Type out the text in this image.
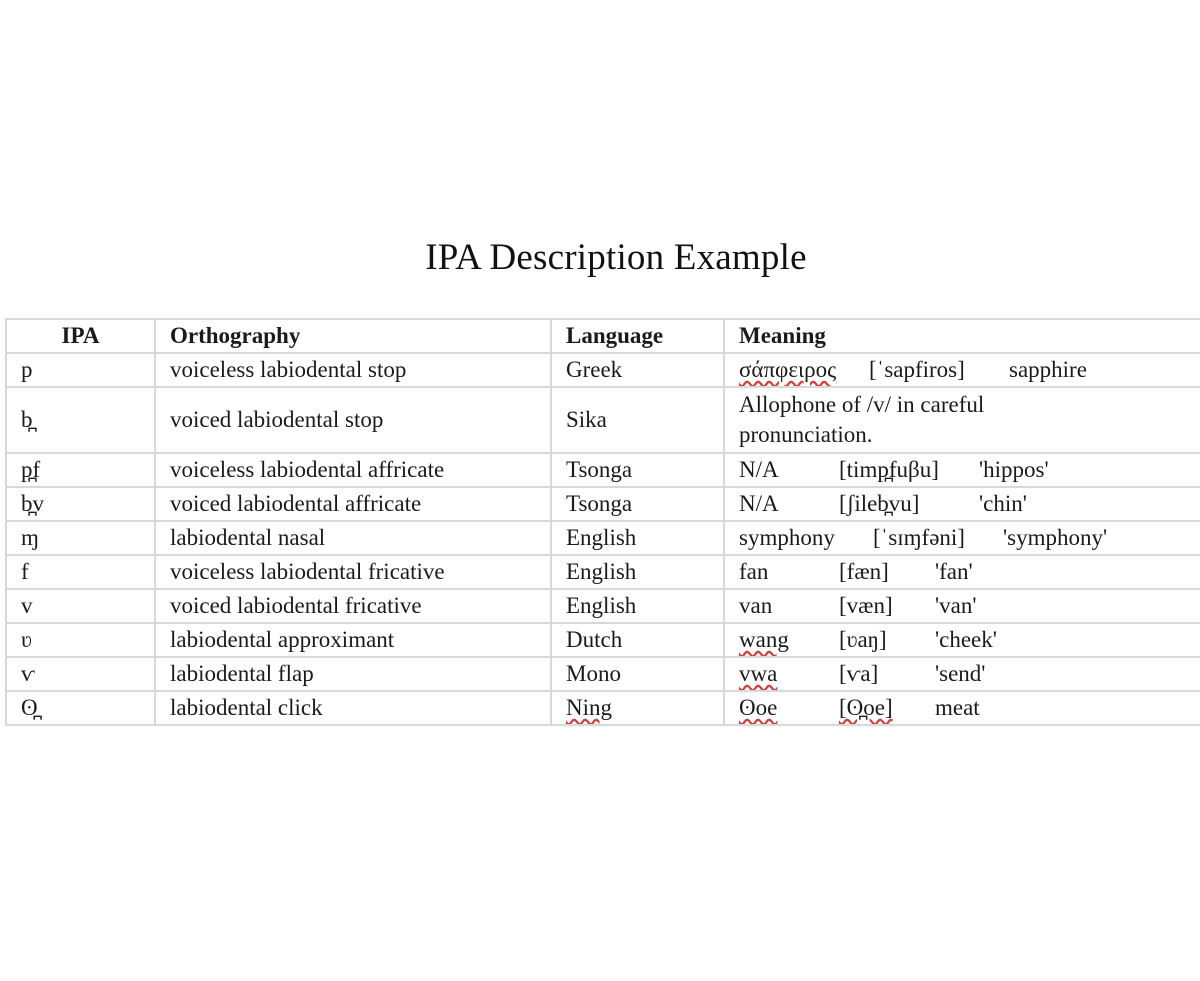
IPA Description Example
IPA	Orthography	Language	Meaning
p	voiceless labiodental stop	Greek	σάπφειρος [ˈsapfiros] sapphire
b̪	voiced labiodental stop	Sika	Allophone of /v/ in careful pronunciation.
p̪f	voiceless labiodental affricate	Tsonga	N/A [timp̪fuβu] 'hippos'
b̪v	voiced labiodental affricate	Tsonga	N/A [ʃileb̪vu] 'chin'
ɱ	labiodental nasal	English	symphony [ˈsɪɱfəni] 'symphony'
f	voiceless labiodental fricative	English	fan [fæn] 'fan'
v	voiced labiodental fricative	English	van [væn] 'van'
ʋ	labiodental approximant	Dutch	wang [ʋaŋ] 'cheek'
ⱱ	labiodental flap	Mono	vwa [ⱱa] 'send'
ʘ̪	labiodental click	Ning	ʘoe [ʘ̪oe] meat
